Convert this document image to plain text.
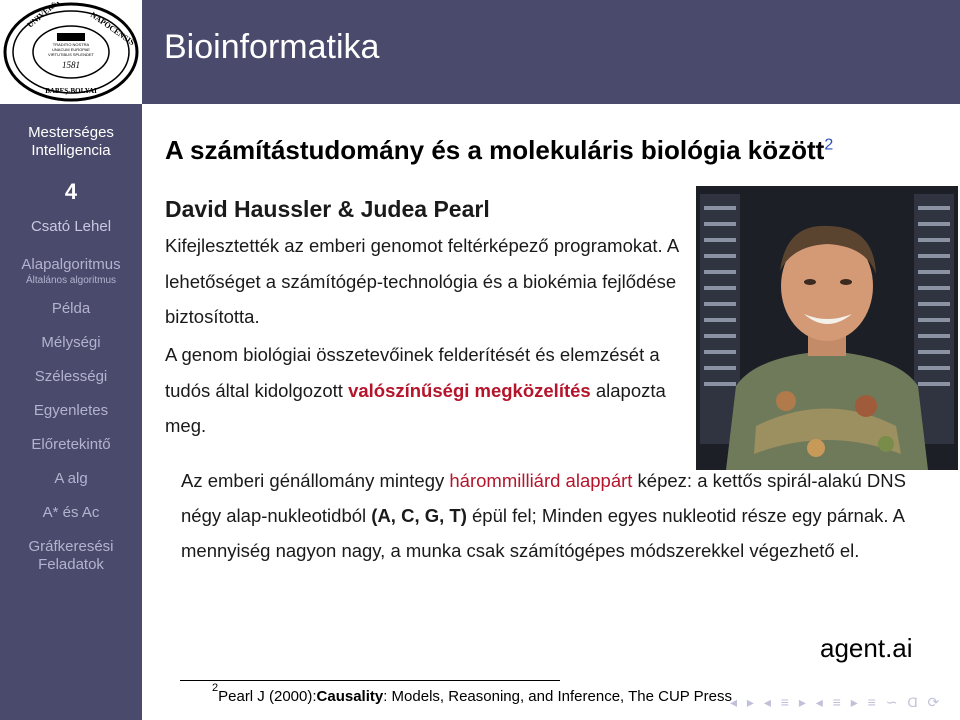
NAPOCENSIS
TRADITIO NOSTRA
UNACUM EUROPAE
VIRTUTIBUS SPLENDET
1581
BABEŞ-BOLYAI
Mesterséges
Intelligencia
4
Csató Lehel
Alapalgoritmus
Általános algoritmus
Példa
Mélységi
Szélességi
Egyenletes
Előretekintő
A alg
A* és Ac
Gráfkeresési
Feladatok
Bioinformatika
A számítástudomány és a molekuláris biológia között$^2$
David Haussler & Judea Pearl
Kifejlesztették az emberi genomot feltérképező programokat. A lehetőséget a számítógép-technológia és a biokémia fejlődése biztosította.
A genom biológiai összetevőinek felderítését és elemzését a tudós által kidolgozott valószínűségi megközelítés alapozta meg.
Az emberi génállomány mintegy hárommilliárd alappárt képez: a kettős spirál-alakú DNS négy alap-nukleotidból (A, C, G, T) épül fel; Minden egyes nukleotid része egy párnak. A mennyiség nagyon nagy, a munka csak számítógépes módszerekkel végezhető el.
agent.ai
$^2$Pearl J (2000):Causality: Models, Reasoning, and Inference, The CUP Press
◂ ▸ ◂ ≡ ▸ ◂ ≡ ▸ ≡ ∽ Ɑ ⟳
